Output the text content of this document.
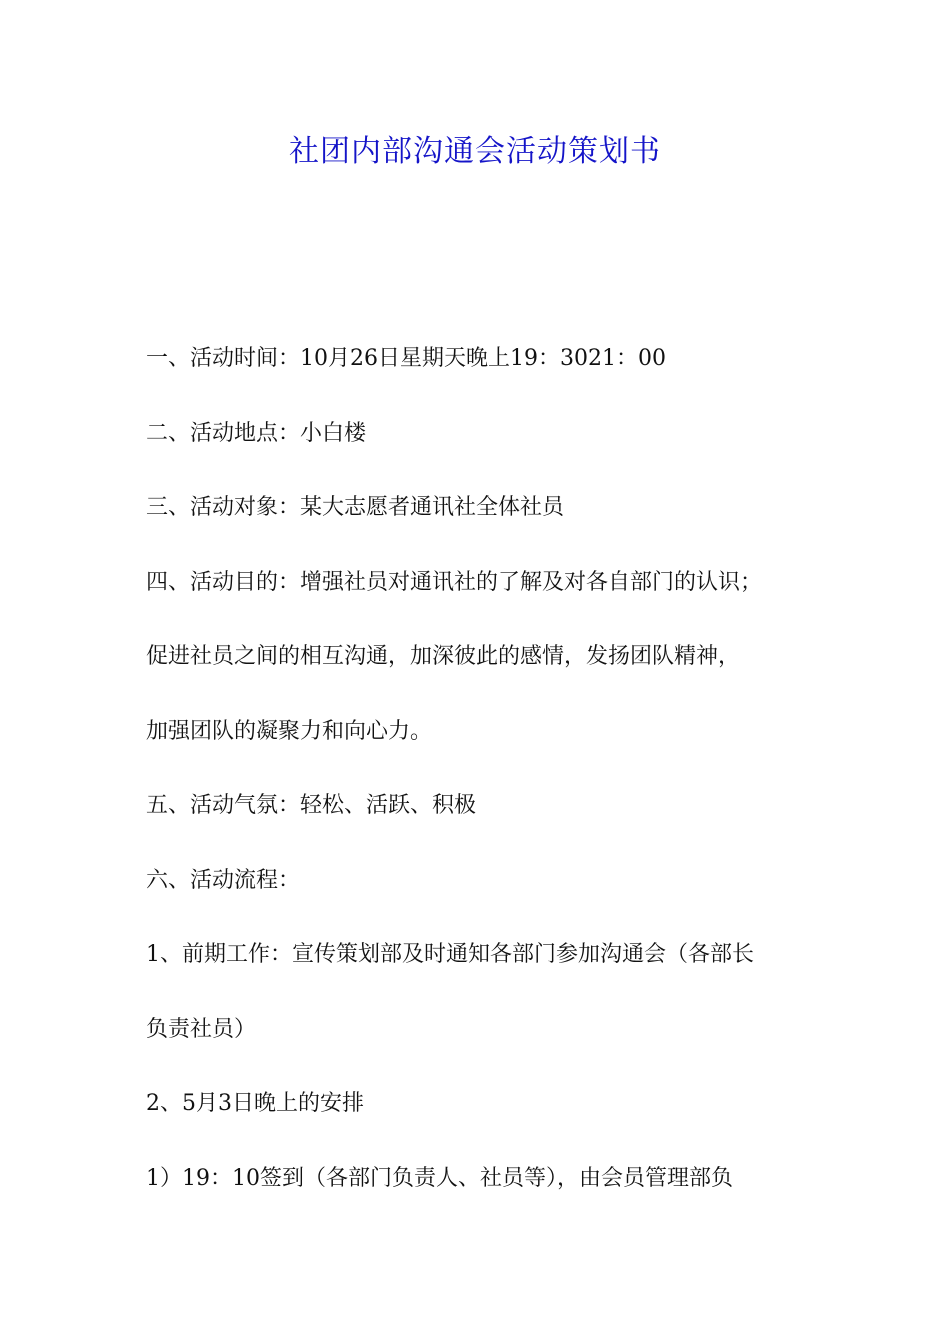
社团内部沟通会活动策划书

一、活动时间：10月26日星期天晚上19：3021：00

二、活动地点：小白楼

三、活动对象：某大志愿者通讯社全体社员

四、活动目的：增强社员对通讯社的了解及对各自部门的认识；

促进社员之间的相互沟通，加深彼此的感情，发扬团队精神，

加强团队的凝聚力和向心力。

五、活动气氛：轻松、活跃、积极

六、活动流程：

1、前期工作：宣传策划部及时通知各部门参加沟通会（各部长

负责社员）

2、5月3日晚上的安排

1）19：10签到（各部门负责人、社员等），由会员管理部负
